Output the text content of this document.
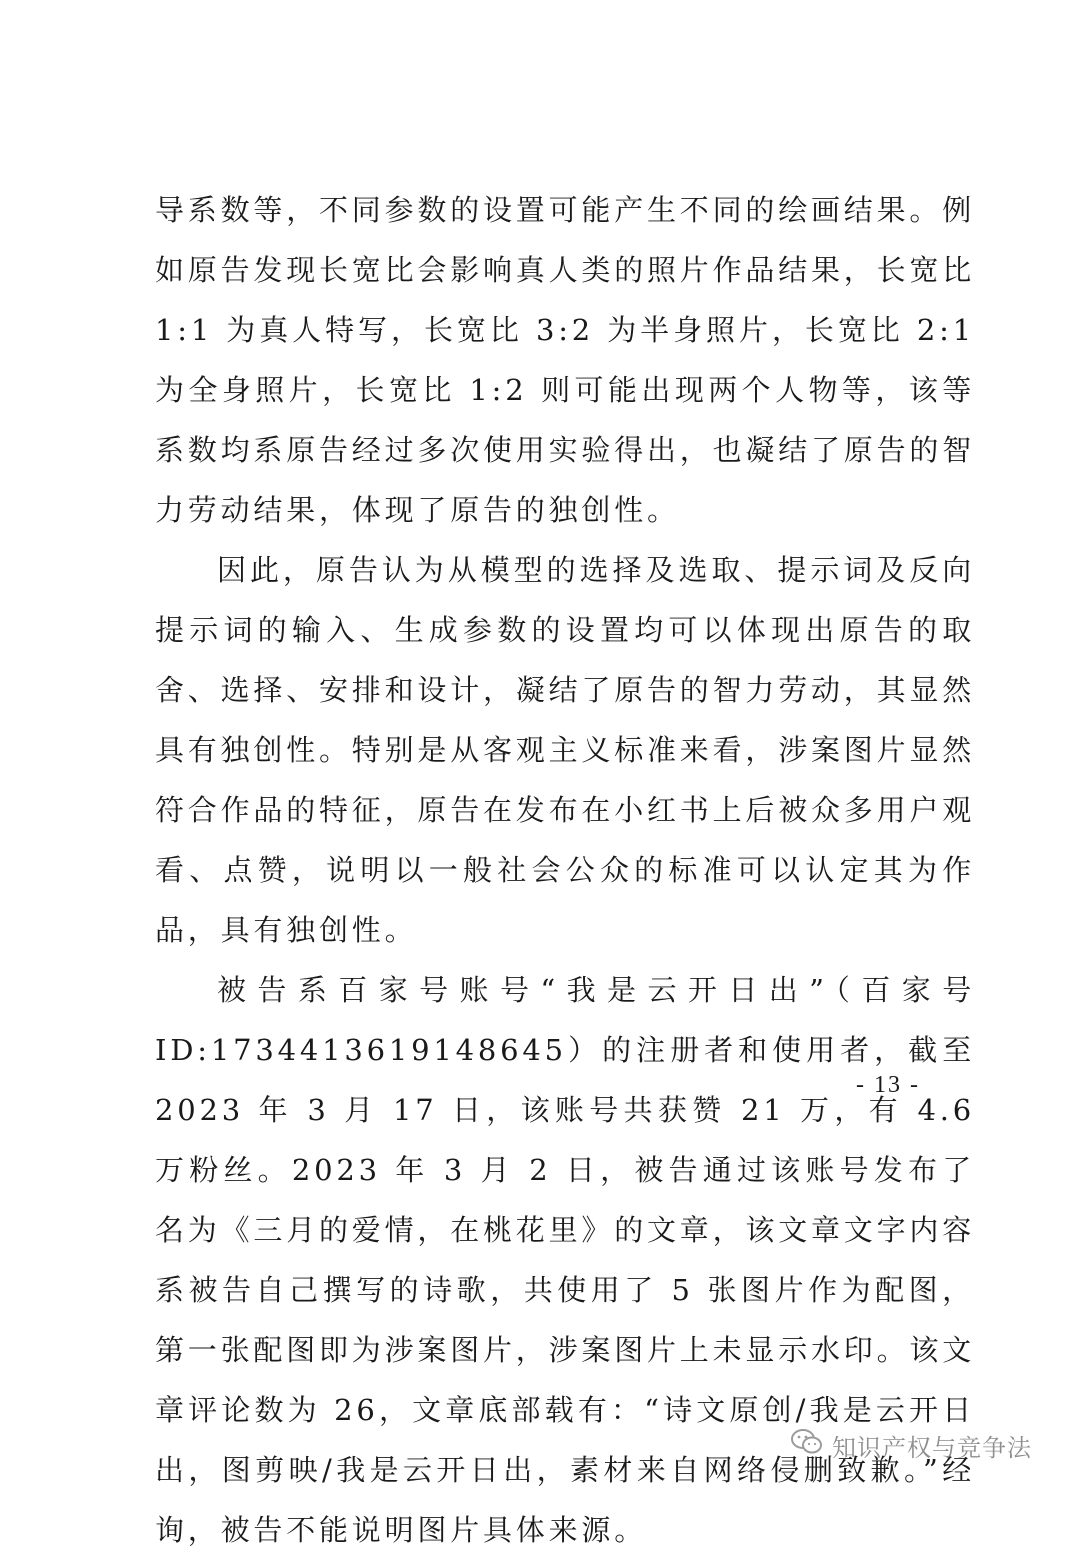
导系数等，不同参数的设置可能产生不同的绘画结果。例如原告发现长宽比会影响真人类的照片作品结果，长宽比 1:1 为真人特写，长宽比 3:2 为半身照片，长宽比 2:1 为全身照片，长宽比 1:2 则可能出现两个人物等，该等系数均系原告经过多次使用实验得出，也凝结了原告的智力劳动结果，体现了原告的独创性。

因此，原告认为从模型的选择及选取、提示词及反向提示词的输入、生成参数的设置均可以体现出原告的取舍、选择、安排和设计，凝结了原告的智力劳动，其显然具有独创性。特别是从客观主义标准来看，涉案图片显然符合作品的特征，原告在发布在小红书上后被众多用户观看、点赞，说明以一般社会公众的标准可以认定其为作品，具有独创性。

被告系百家号账号“我是云开日出”（百家号ID:1734413619148645）的注册者和使用者，截至 2023 年 3 月 17 日，该账号共获赞 21 万，有 4.6 万粉丝。2023 年 3 月 2 日，被告通过该账号发布了名为《三月的爱情，在桃花里》的文章，该文章文字内容系被告自己撰写的诗歌，共使用了 5 张图片作为配图，第一张配图即为涉案图片，涉案图片上未显示水印。该文章评论数为 26，文章底部载有：“诗文原创/我是云开日出，图剪映/我是云开日出，素材来自网络侵删致歉。”经询，被告不能说明图片具体来源。

- 13 -
知识产权与竞争法
